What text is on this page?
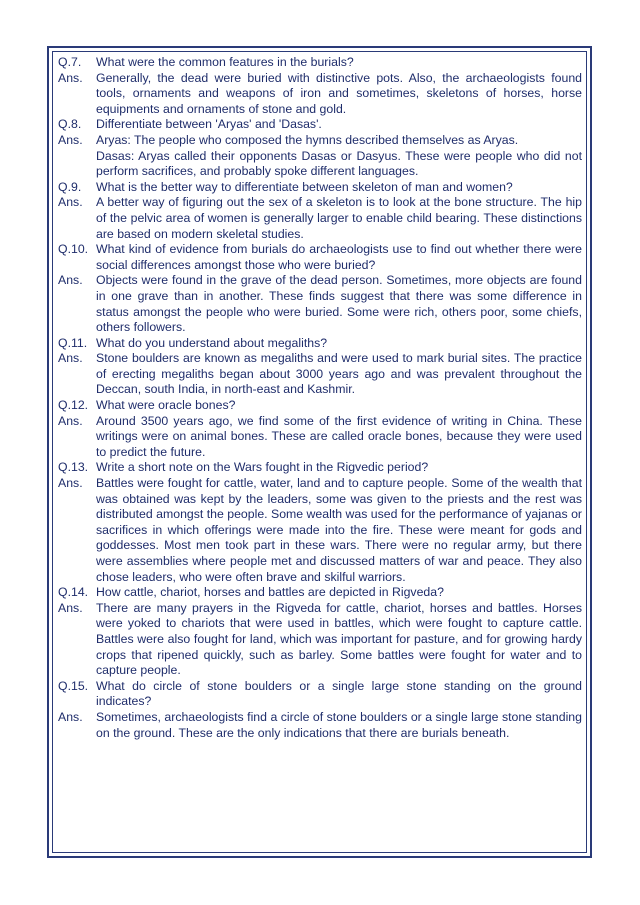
Q.7.	What were the common features in the burials?
Ans.	Generally, the dead were buried with distinctive pots. Also, the archaeologists found tools, ornaments and weapons of iron and sometimes, skeletons of horses, horse equipments and ornaments of stone and gold.

Q.8.	Differentiate between 'Aryas' and 'Dasas'.
Ans.	Aryas: The people who composed the hymns described themselves as Aryas.

Dasas: Aryas called their opponents Dasas or Dasyus. These were people who did not perform sacrifices, and probably spoke different languages.

Q.9.	What is the better way to differentiate between skeleton of man and women?
Ans.	A better way of figuring out the sex of a skeleton is to look at the bone structure. The hip of the pelvic area of women is generally larger to enable child bearing. These distinctions are based on modern skeletal studies.

Q.10. What kind of evidence from burials do archaeologists use to find out whether there were social differences amongst those who were buried?
Ans.	Objects were found in the grave of the dead person. Sometimes, more objects are found in one grave than in another. These finds suggest that there was some difference in status amongst the people who were buried. Some were rich, others poor, some chiefs, others followers.

Q.11. What do you understand about megaliths?
Ans.	Stone boulders are known as megaliths and were used to mark burial sites. The practice of erecting megaliths began about 3000 years ago and was prevalent throughout the Deccan, south India, in north-east and Kashmir.

Q.12. What were oracle bones?
Ans.	Around 3500 years ago, we find some of the first evidence of writing in China. These writings were on animal bones. These are called oracle bones, because they were used to predict the future.

Q.13. Write a short note on the Wars fought in the Rigvedic period?
Ans.	Battles were fought for cattle, water, land and to capture people. Some of the wealth that was obtained was kept by the leaders, some was given to the priests and the rest was distributed amongst the people. Some wealth was used for the performance of yajanas or sacrifices in which offerings were made into the fire. These were meant for gods and goddesses. Most men took part in these wars. There were no regular army, but there were assemblies where people met and discussed matters of war and peace. They also chose leaders, who were often brave and skilful warriors.

Q.14. How cattle, chariot, horses and battles are depicted in Rigveda?
Ans.	There are many prayers in the Rigveda for cattle, chariot, horses and battles. Horses were yoked to chariots that were used in battles, which were fought to capture cattle. Battles were also fought for land, which was important for pasture, and for growing hardy crops that ripened quickly, such as barley. Some battles were fought for water and to capture people.

Q.15. What do circle of stone boulders or a single large stone standing on the ground indicates?
Ans.	Sometimes, archaeologists find a circle of stone boulders or a single large stone standing on the ground. These are the only indications that there are burials beneath.
